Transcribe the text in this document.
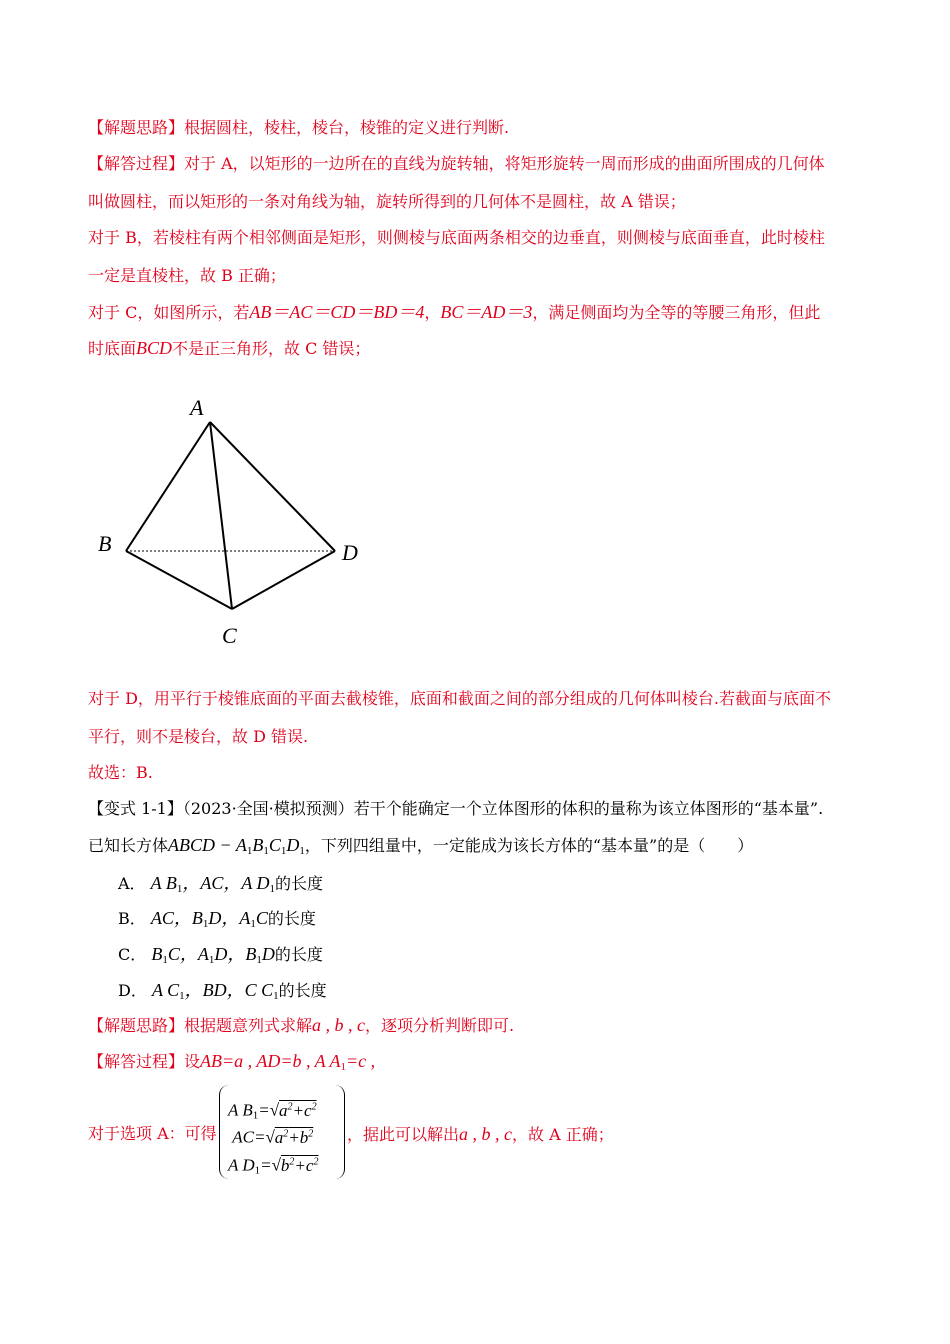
【解题思路】根据圆柱，棱柱，棱台，棱锥的定义进行判断.
【解答过程】对于 A，以矩形的一边所在的直线为旋转轴，将矩形旋转一周而形成的曲面所围成的几何体
叫做圆柱，而以矩形的一条对角线为轴，旋转所得到的几何体不是圆柱，故 A 错误；
对于 B，若棱柱有两个相邻侧面是矩形，则侧棱与底面两条相交的边垂直，则侧棱与底面垂直，此时棱柱
一定是直棱柱，故 B 正确；
对于 C，如图所示，若AB＝AC＝CD＝BD＝4，BC＝AD＝3，满足侧面均为全等的等腰三角形，但此
时底面BCD不是正三角形，故 C 错误；
A
B
C
D
对于 D，用平行于棱锥底面的平面去截棱锥，底面和截面之间的部分组成的几何体叫棱台.若截面与底面不
平行，则不是棱台，故 D 错误.
故选：B.
【变式 1-1】（2023·全国·模拟预测）若干个能确定一个立体图形的体积的量称为该立体图形的“基本量”.
已知长方体ABCD − $A_1B_1C_1D_1$，下列四组量中，一定能成为该长方体的“基本量”的是（　　）
A． A $B_1$，AC，A $D_1$的长度
B． AC，$B_1D$，$A_1C$的长度
C． $B_1C$，$A_1D$，$B_1D$的长度
D． A $C_1$，BD，C $C_1$的长度
【解题思路】根据题意列式求解a , b , c，逐项分析判断即可.
【解答过程】设AB=a , AD=b , A $A_1=c$ ,
A $B_1=√a^2+c^2$
$AC=√a^2+b^2$
A $D_1=√b^2+c^2$
对于选项 A：可得	，据此可以解出a , b , c，故 A 正确；
